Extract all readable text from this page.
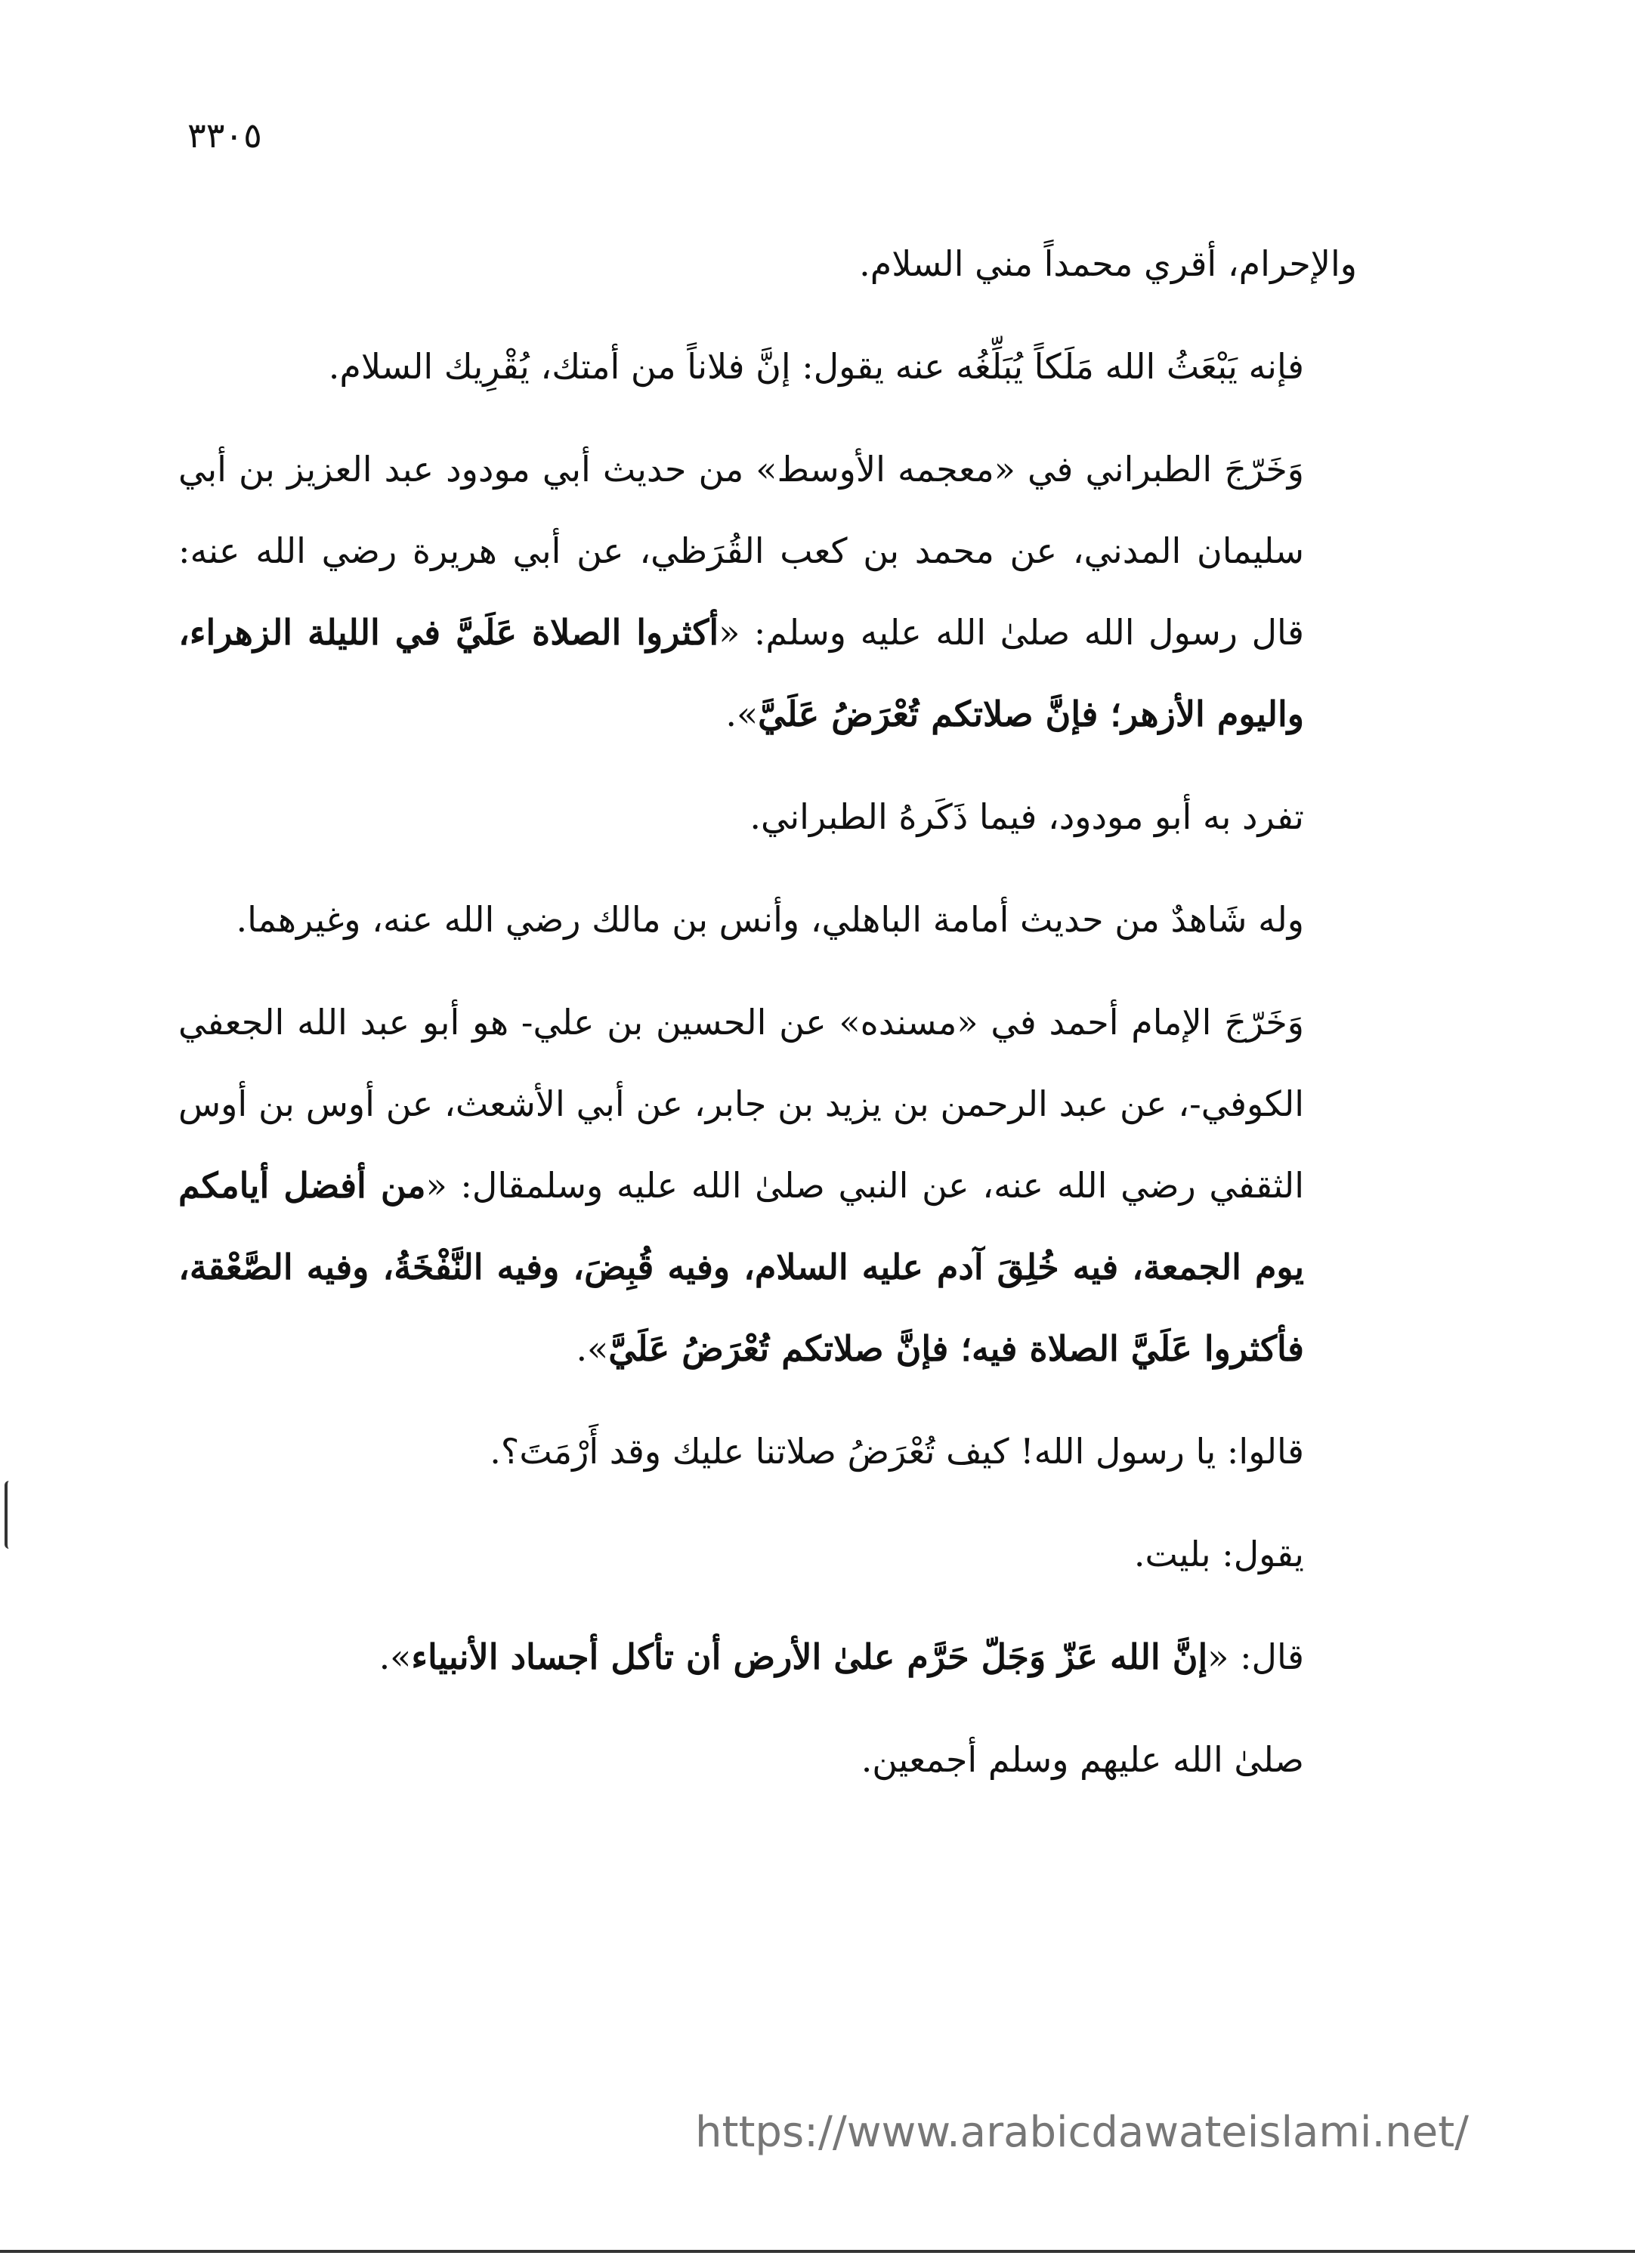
٣٣٠٥

والإحرام، أقري محمداً مني السلام.

فإنه يَبْعَثُ الله مَلَكاً يُبَلِّغُه عنه يقول: إنَّ فلاناً من أمتك، يُقْرِيك السلام.

وَخَرّجَ الطبراني في «معجمه الأوسط» من حديث أبي مودود عبد العزيز بن أبي سليمان المدني، عن محمد بن كعب القُرَظي، عن أبي هريرة رضي الله عنه: قال رسول الله صلىٰ الله عليه وسلم: «أكثروا الصلاة عَلَيَّ في الليلة الزهراء، واليوم الأزهر؛ فإنَّ صلاتكم تُعْرَضُ عَلَيَّ».

تفرد به أبو مودود، فيما ذَكَرهُ الطبراني.

وله شَاهدٌ من حديث أمامة الباهلي، وأنس بن مالك رضي الله عنه، وغيرهما.

وَخَرّجَ الإمام أحمد في «مسنده» عن الحسين بن علي- هو أبو عبد الله الجعفي الكوفي-، عن عبد الرحمن بن يزيد بن جابر، عن أبي الأشعث، عن أوس بن أوس الثقفي رضي الله عنه، عن النبي صلىٰ الله عليه وسلمقال: «من أفضل أيامكم يوم الجمعة، فيه خُلِقَ آدم عليه السلام، وفيه قُبِضَ، وفيه النَّفْخَةُ، وفيه الصَّعْقة، فأكثروا عَلَيَّ الصلاة فيه؛ فإنَّ صلاتكم تُعْرَضُ عَلَيَّ».

قالوا: يا رسول الله! كيف تُعْرَضُ صلاتنا عليك وقد أَرْمَتَ؟.

يقول: بليت.

قال: «إنَّ الله عَزّ وَجَلّ حَرَّم علىٰ الأرض أن تأكل أجساد الأنبياء».

صلىٰ الله عليهم وسلم أجمعين.

https://www.arabicdawateislami.net/
